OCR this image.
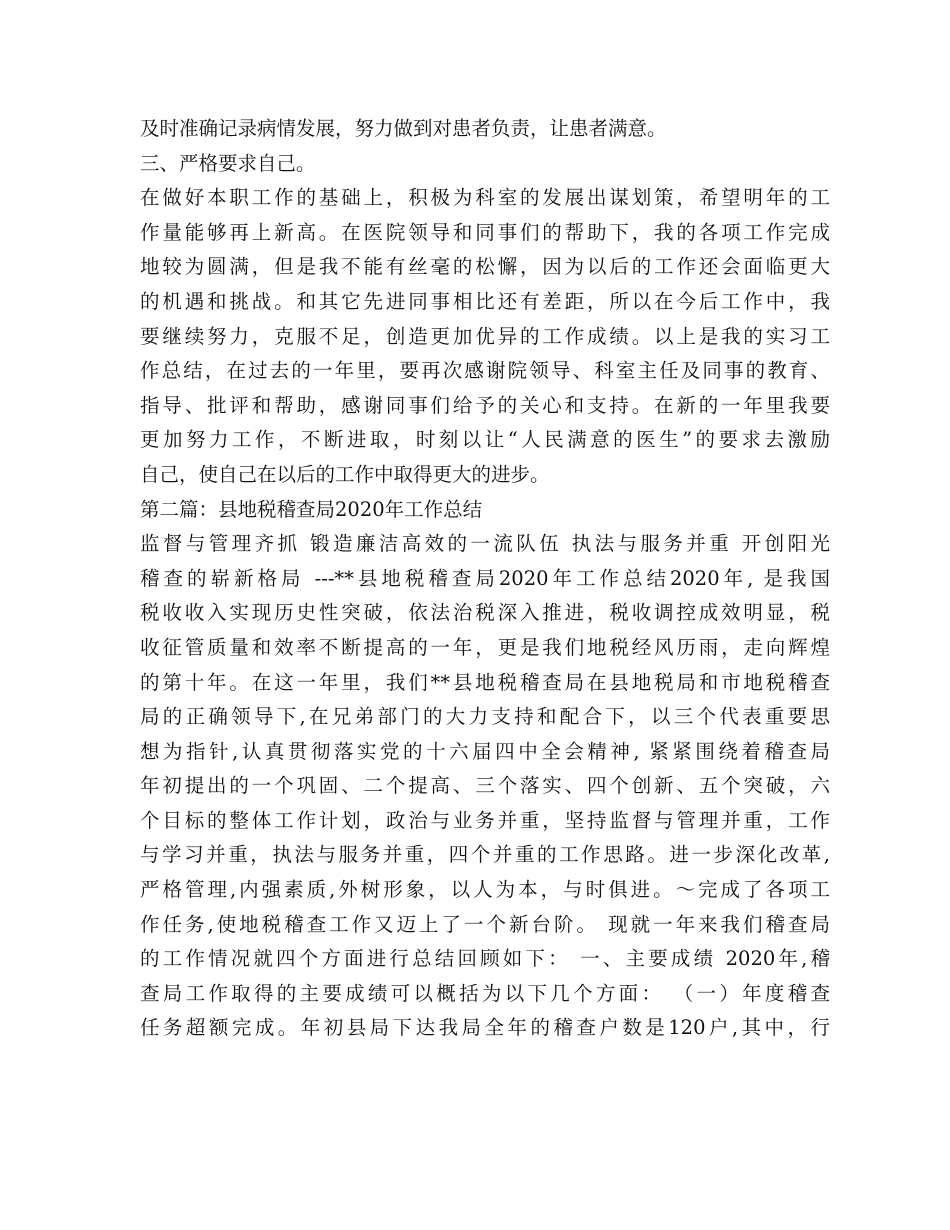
及时准确记录病情发展，努力做到对患者负责，让患者满意。
三、严格要求自己。
在做好本职工作的基础上，积极为科室的发展出谋划策，希望明年的工
作量能够再上新高。在医院领导和同事们的帮助下，我的各项工作完成
地较为圆满，但是我不能有丝毫的松懈，因为以后的工作还会面临更大
的机遇和挑战。和其它先进同事相比还有差距，所以在今后工作中，我
要继续努力，克服不足，创造更加优异的工作成绩。以上是我的实习工
作总结，在过去的一年里，要再次感谢院领导、科室主任及同事的教育、
指导、批评和帮助，感谢同事们给予的关心和支持。在新的一年里我要
更加努力工作，不断进取，时刻以让“人民满意的医生”的要求去激励
自己，使自己在以后的工作中取得更大的进步。
第二篇：县地税稽查局2020年工作总结
监督与管理齐抓 锻造廉洁高效的一流队伍 执法与服务并重 开创阳光
稽查的崭新格局 ---**县地税稽查局2020年工作总结2020年, 是我国
税收收入实现历史性突破，依法治税深入推进，税收调控成效明显，税
收征管质量和效率不断提高的一年，更是我们地税经风历雨，走向辉煌
的第十年。在这一年里，我们**县地税稽查局在县地税局和市地税稽查
局的正确领导下,在兄弟部门的大力支持和配合下，以三个代表重要思
想为指针,认真贯彻落实党的十六届四中全会精神, 紧紧围绕着稽查局
年初提出的一个巩固、二个提高、三个落实、四个创新、五个突破，六
个目标的整体工作计划，政治与业务并重，坚持监督与管理并重，工作
与学习并重，执法与服务并重，四个并重的工作思路。进一步深化改革,
严格管理,内强素质,外树形象，以人为本，与时俱进。～完成了各项工
作任务,使地税稽查工作又迈上了一个新台阶。 现就一年来我们稽查局
的工作情况就四个方面进行总结回顾如下： 一、主要成绩 2020年,稽
查局工作取得的主要成绩可以概括为以下几个方面： （一）年度稽查
任务超额完成。年初县局下达我局全年的稽查户数是120户,其中，行
